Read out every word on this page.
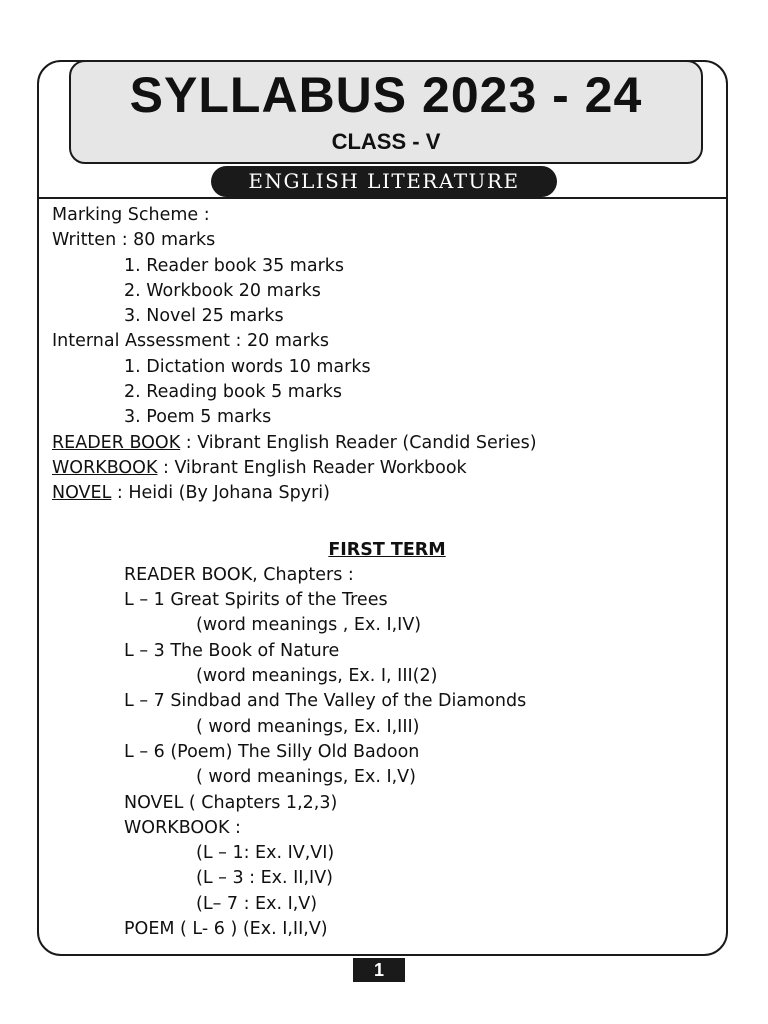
SYLLABUS 2023 - 24
CLASS - V
ENGLISH LITERATURE
Marking Scheme :
Written : 80 marks
1. Reader book 35 marks
2. Workbook 20 marks
3. Novel 25 marks
Internal Assessment : 20 marks
1. Dictation words 10 marks
2. Reading book 5 marks
3. Poem 5 marks
READER BOOK : Vibrant English Reader (Candid Series)
WORKBOOK : Vibrant English Reader Workbook
NOVEL : Heidi (By Johana Spyri)
FIRST TERM
READER BOOK, Chapters :
L – 1 Great Spirits of the Trees
(word meanings , Ex. I,IV)
L – 3 The Book of Nature
(word meanings, Ex. I, III(2)
L – 7 Sindbad and The Valley of the Diamonds
( word meanings, Ex. I,III)
L – 6 (Poem) The Silly Old Badoon
( word meanings, Ex. I,V)
NOVEL ( Chapters 1,2,3)
WORKBOOK :
(L – 1: Ex. IV,VI)
(L – 3 : Ex. II,IV)
(L– 7 : Ex. I,V)
POEM ( L- 6 ) (Ex. I,II,V)
1
